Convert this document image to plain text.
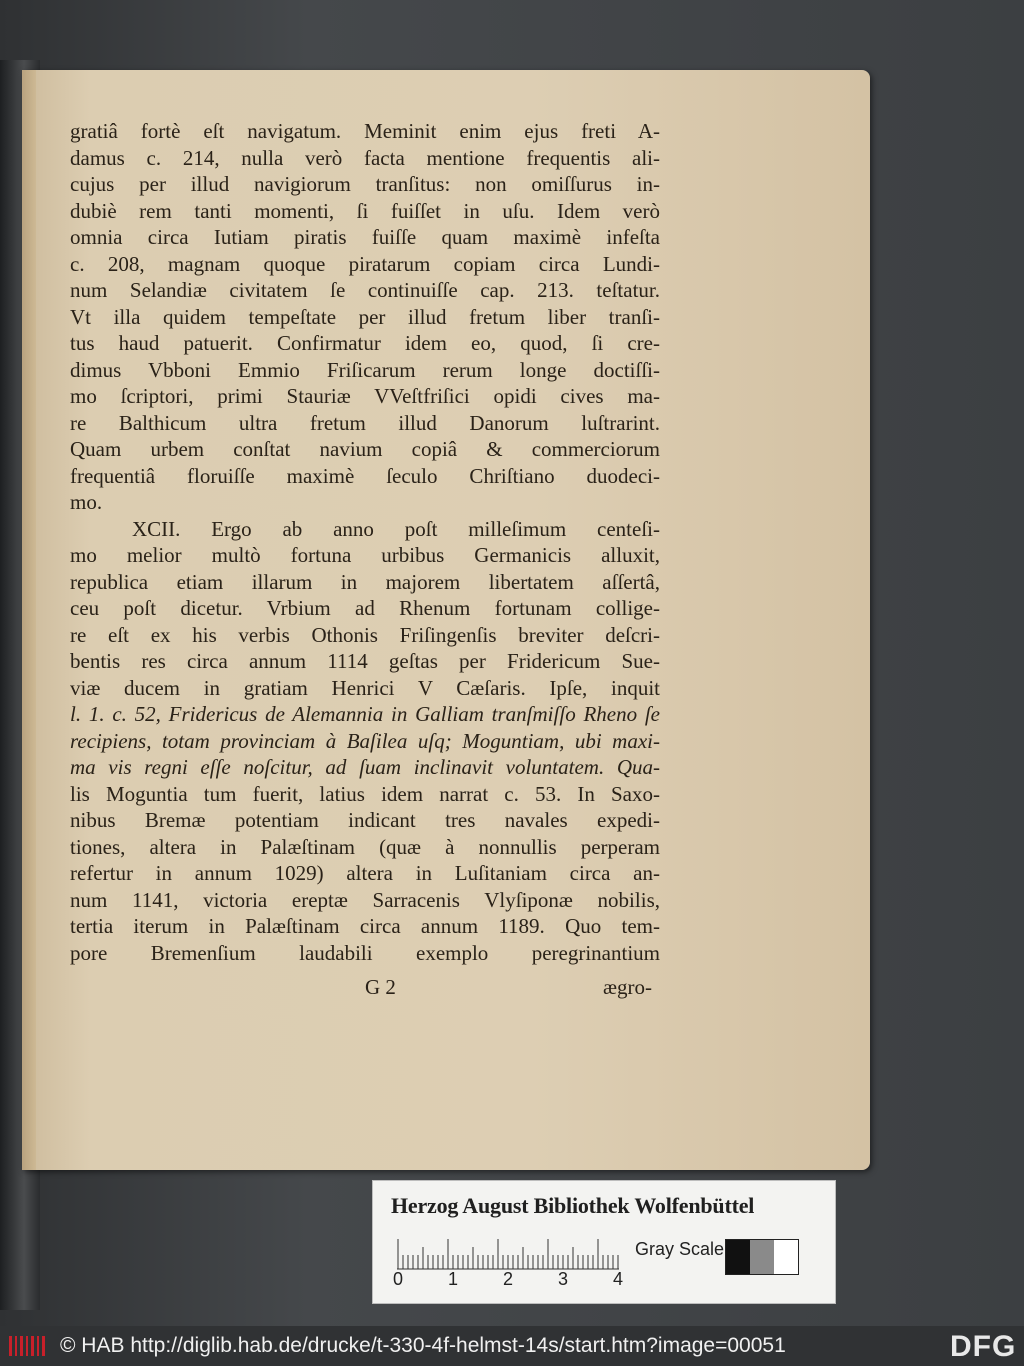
gratiâ fortè eſt navigatum. Meminit enim ejus freti A-
damus c. 214, nulla verò facta mentione frequentis ali-
cujus per illud navigiorum tranſitus: non omiſſurus in-
dubiè rem tanti momenti, ſi fuiſſet in uſu. Idem verò
omnia circa Iutiam piratis fuiſſe quam maximè infeſta
c. 208, magnam quoque piratarum copiam circa Lundi-
num Selandiæ civitatem ſe continuiſſe cap. 213. teſtatur.
Vt illa quidem tempeſtate per illud fretum liber tranſi-
tus haud patuerit. Confirmatur idem eo, quod, ſi cre-
dimus Vbboni Emmio Friſicarum rerum longe doctiſſi-
mo ſcriptori, primi Stauriæ VVeſtfriſici opidi cives ma-
re Balthicum ultra fretum illud Danorum luſtrarint.
Quam urbem conſtat navium copiâ & commerciorum
frequentiâ floruiſſe maximè ſeculo Chriſtiano duodeci-
mo.
XCII. Ergo ab anno poſt milleſimum centeſi-
mo melior multò fortuna urbibus Germanicis alluxit,
republica etiam illarum in majorem libertatem aſſertâ,
ceu poſt dicetur. Vrbium ad Rhenum fortunam collige-
re eſt ex his verbis Othonis Friſingenſis breviter deſcri-
bentis res circa annum 1114 geſtas per Fridericum Sue-
viæ ducem in gratiam Henrici V Cæſaris. Ipſe, inquit
l. 1. c. 52, Fridericus de Alemannia in Galliam tranſmiſſo Rheno ſe
recipiens, totam provinciam à Baſilea uſq; Moguntiam, ubi maxi-
ma vis regni eſſe noſcitur, ad ſuam inclinavit voluntatem. Qua-
lis Moguntia tum fuerit, latius idem narrat c. 53. In Saxo-
nibus Bremæ potentiam indicant tres navales expedi-
tiones, altera in Palæſtinam (quæ à nonnullis perperam
refertur in annum 1029) altera in Luſitaniam circa an-
num 1141, victoria ereptæ Sarracenis Vlyſiponæ nobilis,
tertia iterum in Palæſtinam circa annum 1189. Quo tem-
pore Bremenſium laudabili exemplo peregrinantium
G 2	ægro-
Herzog August Bibliothek Wolfenbüttel
0 1 2 3 4
Gray Scale
© HAB http://diglib.hab.de/drucke/t-330-4f-helmst-14s/start.htm?image=00051	DFG
